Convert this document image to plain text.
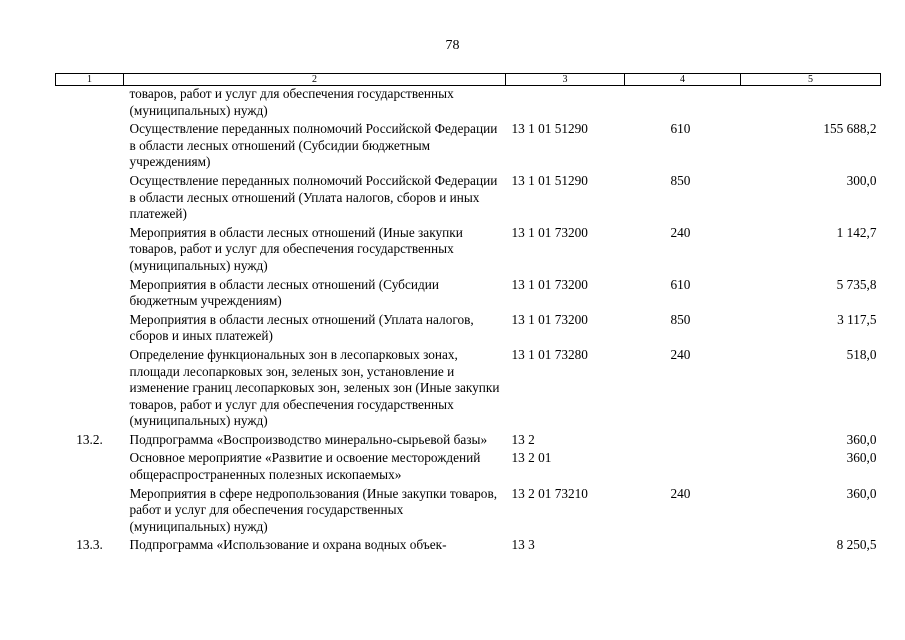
78
1	2	3	4	5
	товаров, работ и услуг для обеспечения государственных (муниципальных) нужд)			
	Осуществление переданных полномочий Российской Федерации в области лесных отношений (Субсидии бюджетным учреждениям)	13 1 01 51290	610	155 688,2
	Осуществление переданных полномочий Российской Федерации в области лесных отношений (Уплата налогов, сборов и иных платежей)	13 1 01 51290	850	300,0
	Мероприятия в области лесных отношений (Иные закупки товаров, работ и услуг для обеспечения государственных (муниципальных) нужд)	13 1 01 73200	240	1 142,7
	Мероприятия в области лесных отношений (Субсидии бюджетным учреждениям)	13 1 01 73200	610	5 735,8
	Мероприятия в области лесных отношений (Уплата налогов, сборов и иных платежей)	13 1 01 73200	850	3 117,5
	Определение функциональных зон в лесопарковых зонах, площади лесопарковых зон, зеленых зон, установление и изменение границ лесопарковых зон, зеленых зон (Иные закупки товаров, работ и услуг для обеспечения государственных (муниципальных) нужд)	13 1 01 73280	240	518,0
13.2.	Подпрограмма «Воспроизводство минерально-сырьевой базы»	13 2		360,0
	Основное мероприятие «Развитие и освоение месторождений общераспространенных полезных ископаемых»	13 2 01		360,0
	Мероприятия в сфере недропользования (Иные закупки товаров, работ и услуг для обеспечения государственных (муниципальных) нужд)	13 2 01 73210	240	360,0
13.3.	Подпрограмма «Использование и охрана водных объек-	13 3		8 250,5
